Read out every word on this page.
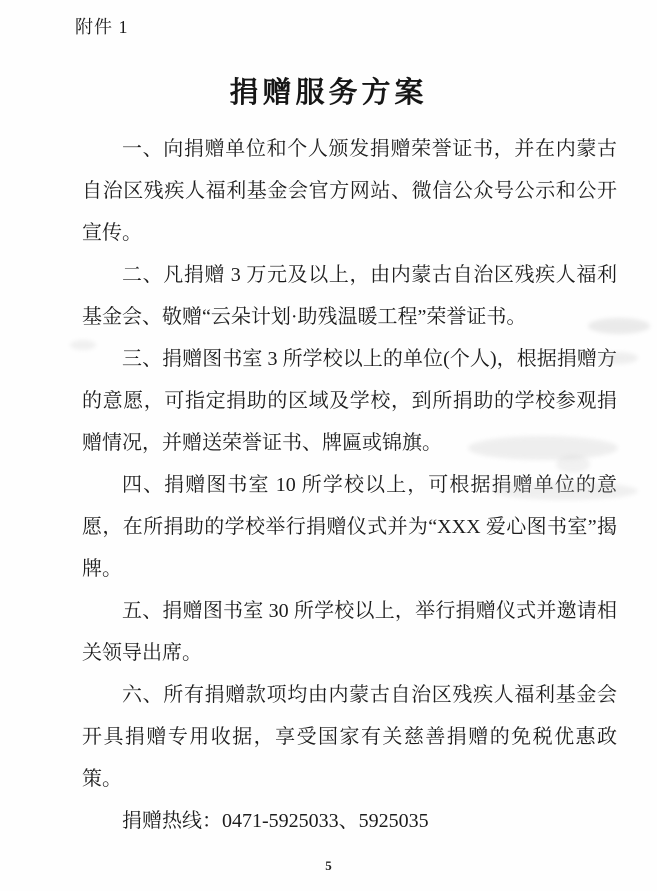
附件 1
捐赠服务方案

一、向捐赠单位和个人颁发捐赠荣誉证书，并在内蒙古自治区残疾人福利基金会官方网站、微信公众号公示和公开宣传。

二、凡捐赠 3 万元及以上，由内蒙古自治区残疾人福利基金会、敬赠“云朵计划·助残温暖工程”荣誉证书。

三、捐赠图书室 3 所学校以上的单位(个人)，根据捐赠方的意愿，可指定捐助的区域及学校，到所捐助的学校参观捐赠情况，并赠送荣誉证书、牌匾或锦旗。

四、捐赠图书室 10 所学校以上，可根据捐赠单位的意愿，在所捐助的学校举行捐赠仪式并为“XXX 爱心图书室”揭牌。

五、捐赠图书室 30 所学校以上，举行捐赠仪式并邀请相关领导出席。

六、所有捐赠款项均由内蒙古自治区残疾人福利基金会开具捐赠专用收据，享受国家有关慈善捐赠的免税优惠政策。

捐赠热线：0471-5925033、5925035

5
